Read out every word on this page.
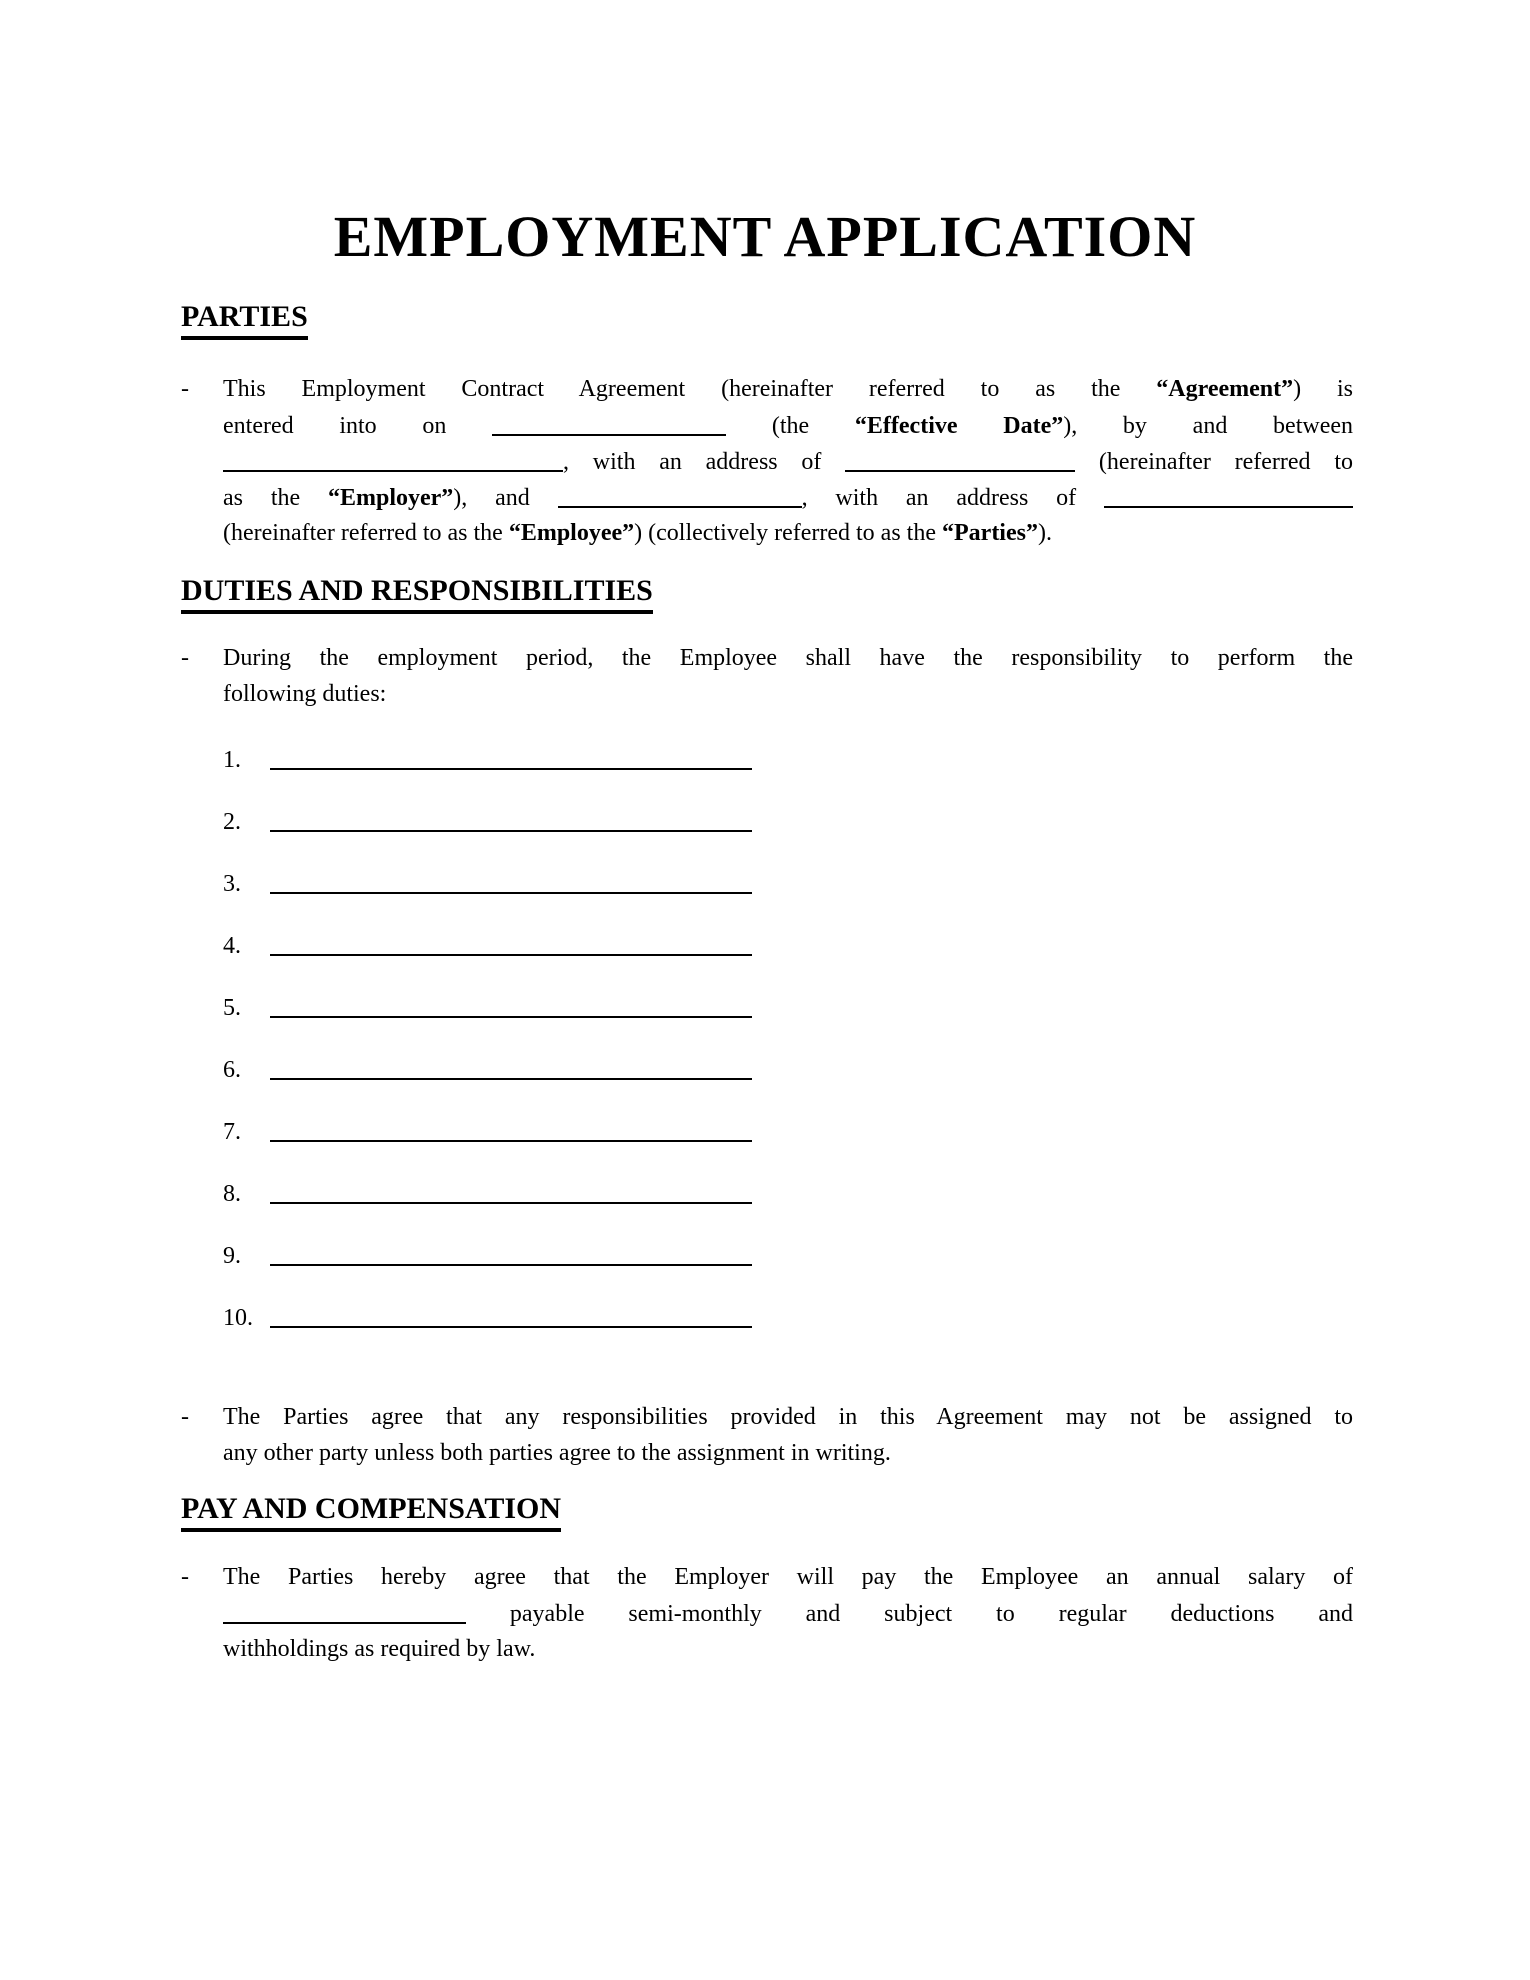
EMPLOYMENT APPLICATION
PARTIES
- This Employment Contract Agreement (hereinafter referred to as the “Agreement”) is
entered into on	(the “Effective Date”), by and between
, with an address of	(hereinafter referred to
as the “Employer”), and	, with an address of
(hereinafter referred to as the “Employee”) (collectively referred to as the “Parties”).
DUTIES AND RESPONSIBILITIES
- During the employment period, the Employee shall have the responsibility to perform the
following duties:
1.
2.
3.
4.
5.
6.
7.
8.
9.
10.
- The Parties agree that any responsibilities provided in this Agreement may not be assigned to
any other party unless both parties agree to the assignment in writing.
PAY AND COMPENSATION
- The Parties hereby agree that the Employer will pay the Employee an annual salary of
payable semi-monthly and subject to regular deductions and
withholdings as required by law.
